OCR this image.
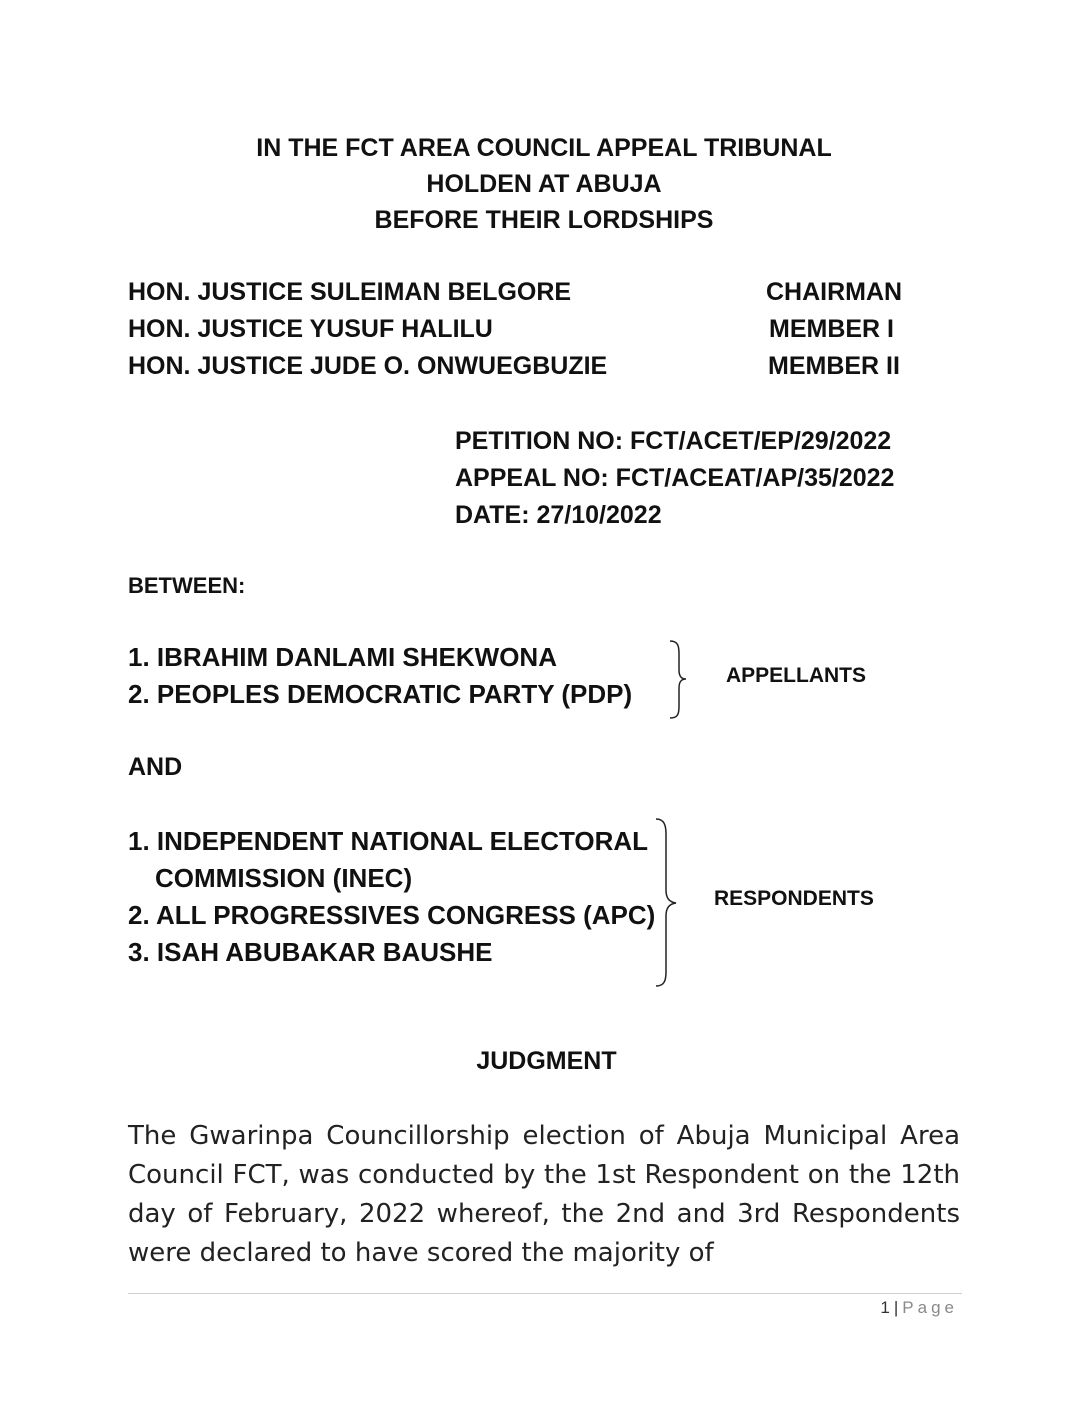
IN THE FCT AREA COUNCIL APPEAL TRIBUNAL
HOLDEN AT ABUJA
BEFORE THEIR LORDSHIPS
HON. JUSTICE SULEIMAN BELGORE	CHAIRMAN
HON. JUSTICE YUSUF HALILU	MEMBER I
HON. JUSTICE JUDE O. ONWUEGBUZIE	MEMBER II
PETITION NO: FCT/ACET/EP/29/2022
APPEAL NO: FCT/ACEAT/AP/35/2022
DATE: 27/10/2022
BETWEEN:
1. IBRAHIM DANLAMI SHEKWONA
2. PEOPLES DEMOCRATIC PARTY (PDP)
APPELLANTS
AND
1. INDEPENDENT NATIONAL ELECTORAL
COMMISSION (INEC)
2. ALL PROGRESSIVES CONGRESS (APC)
3. ISAH ABUBAKAR BAUSHE
RESPONDENTS
JUDGMENT
The Gwarinpa Councillorship election of Abuja Municipal Area Council FCT, was conducted by the 1st Respondent on the 12th day of February, 2022 whereof, the 2nd and 3rd Respondents were declared to have scored the majority of
1 | Page
